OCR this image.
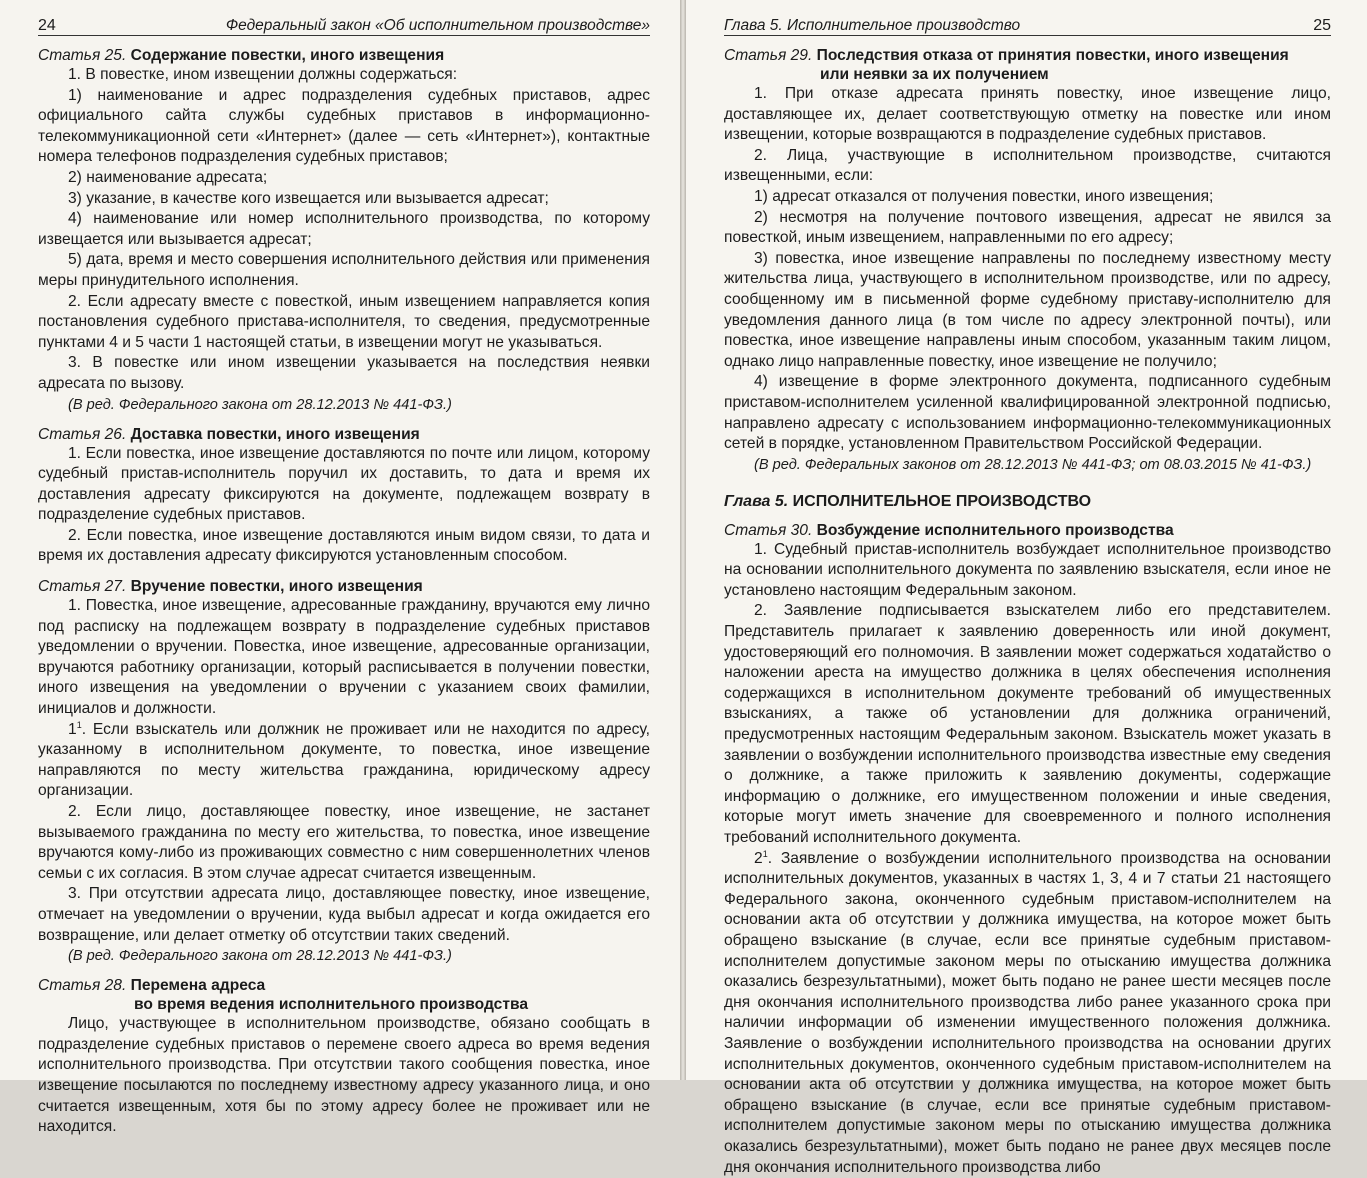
24	Федеральный закон «Об исполнительном производстве»
Статья 25. Содержание повестки, иного извещения

1. В повестке, ином извещении должны содержаться:

1) наименование и адрес подразделения судебных приставов, адрес официального сайта службы судебных приставов в информационно-телекоммуникационной сети «Интернет» (далее — сеть «Интернет»), контактные номера телефонов подразделения судебных приставов;

2) наименование адресата;

3) указание, в качестве кого извещается или вызывается адресат;

4) наименование или номер исполнительного производства, по которому извещается или вызывается адресат;

5) дата, время и место совершения исполнительного действия или применения меры принудительного исполнения.

2. Если адресату вместе с повесткой, иным извещением направляется копия постановления судебного пристава-исполнителя, то сведения, предусмотренные пунктами 4 и 5 части 1 настоящей статьи, в извещении могут не указываться.

3. В повестке или ином извещении указывается на последствия неявки адресата по вызову.

(В ред. Федерального закона от 28.12.2013 № 441-ФЗ.)

Статья 26. Доставка повестки, иного извещения

1. Если повестка, иное извещение доставляются по почте или лицом, которому судебный пристав-исполнитель поручил их доставить, то дата и время их доставления адресату фиксируются на документе, подлежащем возврату в подразделение судебных приставов.

2. Если повестка, иное извещение доставляются иным видом связи, то дата и время их доставления адресату фиксируются установленным способом.

Статья 27. Вручение повестки, иного извещения

1. Повестка, иное извещение, адресованные гражданину, вручаются ему лично под расписку на подлежащем возврату в подразделение судебных приставов уведомлении о вручении. Повестка, иное извещение, адресованные организации, вручаются работнику организации, который расписывается в получении повестки, иного извещения на уведомлении о вручении с указанием своих фамилии, инициалов и должности.

$1^1$. Если взыскатель или должник не проживает или не находится по адресу, указанному в исполнительном документе, то повестка, иное извещение направляются по месту жительства гражданина, юридическому адресу организации.

2. Если лицо, доставляющее повестку, иное извещение, не застанет вызываемого гражданина по месту его жительства, то повестка, иное извещение вручаются кому-либо из проживающих совместно с ним совершеннолетних членов семьи с их согласия. В этом случае адресат считается извещенным.

3. При отсутствии адресата лицо, доставляющее повестку, иное извещение, отмечает на уведомлении о вручении, куда выбыл адресат и когда ожидается его возвращение, или делает отметку об отсутствии таких сведений.

(В ред. Федерального закона от 28.12.2013 № 441-ФЗ.)

Статья 28. Перемена адреса
во время ведения исполнительного производства

Лицо, участвующее в исполнительном производстве, обязано сообщать в подразделение судебных приставов о перемене своего адреса во время ведения исполнительного производства. При отсутствии такого сообщения повестка, иное извещение посылаются по последнему известному адресу указанного лица, и оно считается извещенным, хотя бы по этому адресу более не проживает или не находится.

Глава 5. Исполнительное производство	25
Статья 29. Последствия отказа от принятия повестки, иного извещения
или неявки за их получением

1. При отказе адресата принять повестку, иное извещение лицо, доставляющее их, делает соответствующую отметку на повестке или ином извещении, которые возвращаются в подразделение судебных приставов.

2. Лица, участвующие в исполнительном производстве, считаются извещенными, если:

1) адресат отказался от получения повестки, иного извещения;

2) несмотря на получение почтового извещения, адресат не явился за повесткой, иным извещением, направленными по его адресу;

3) повестка, иное извещение направлены по последнему известному месту жительства лица, участвующего в исполнительном производстве, или по адресу, сообщенному им в письменной форме судебному приставу-исполнителю для уведомления данного лица (в том числе по адресу электронной почты), или повестка, иное извещение направлены иным способом, указанным таким лицом, однако лицо направленные повестку, иное извещение не получило;

4) извещение в форме электронного документа, подписанного судебным приставом-исполнителем усиленной квалифицированной электронной подписью, направлено адресату с использованием информационно-телекоммуникационных сетей в порядке, установленном Правительством Российской Федерации.

(В ред. Федеральных законов от 28.12.2013 № 441-ФЗ; от 08.03.2015 № 41-ФЗ.)

Глава 5. ИСПОЛНИТЕЛЬНОЕ ПРОИЗВОДСТВО
Статья 30. Возбуждение исполнительного производства

1. Судебный пристав-исполнитель возбуждает исполнительное производство на основании исполнительного документа по заявлению взыскателя, если иное не установлено настоящим Федеральным законом.

2. Заявление подписывается взыскателем либо его представителем. Представитель прилагает к заявлению доверенность или иной документ, удостоверяющий его полномочия. В заявлении может содержаться ходатайство о наложении ареста на имущество должника в целях обеспечения исполнения содержащихся в исполнительном документе требований об имущественных взысканиях, а также об установлении для должника ограничений, предусмотренных настоящим Федеральным законом. Взыскатель может указать в заявлении о возбуждении исполнительного производства известные ему сведения о должнике, а также приложить к заявлению документы, содержащие информацию о должнике, его имущественном положении и иные сведения, которые могут иметь значение для своевременного и полного исполнения требований исполнительного документа.

$2^1$. Заявление о возбуждении исполнительного производства на основании исполнительных документов, указанных в частях 1, 3, 4 и 7 статьи 21 настоящего Федерального закона, оконченного судебным приставом-исполнителем на основании акта об отсутствии у должника имущества, на которое может быть обращено взыскание (в случае, если все принятые судебным приставом-исполнителем допустимые законом меры по отысканию имущества должника оказались безрезультатными), может быть подано не ранее шести месяцев после дня окончания исполнительного производства либо ранее указанного срока при наличии информации об изменении имущественного положения должника. Заявление о возбуждении исполнительного производства на основании других исполнительных документов, оконченного судебным приставом-исполнителем на основании акта об отсутствии у должника имущества, на которое может быть обращено взыскание (в случае, если все принятые судебным приставом-исполнителем допустимые законом меры по отысканию имущества должника оказались безрезультатными), может быть подано не ранее двух месяцев после дня окончания исполнительного производства либо
